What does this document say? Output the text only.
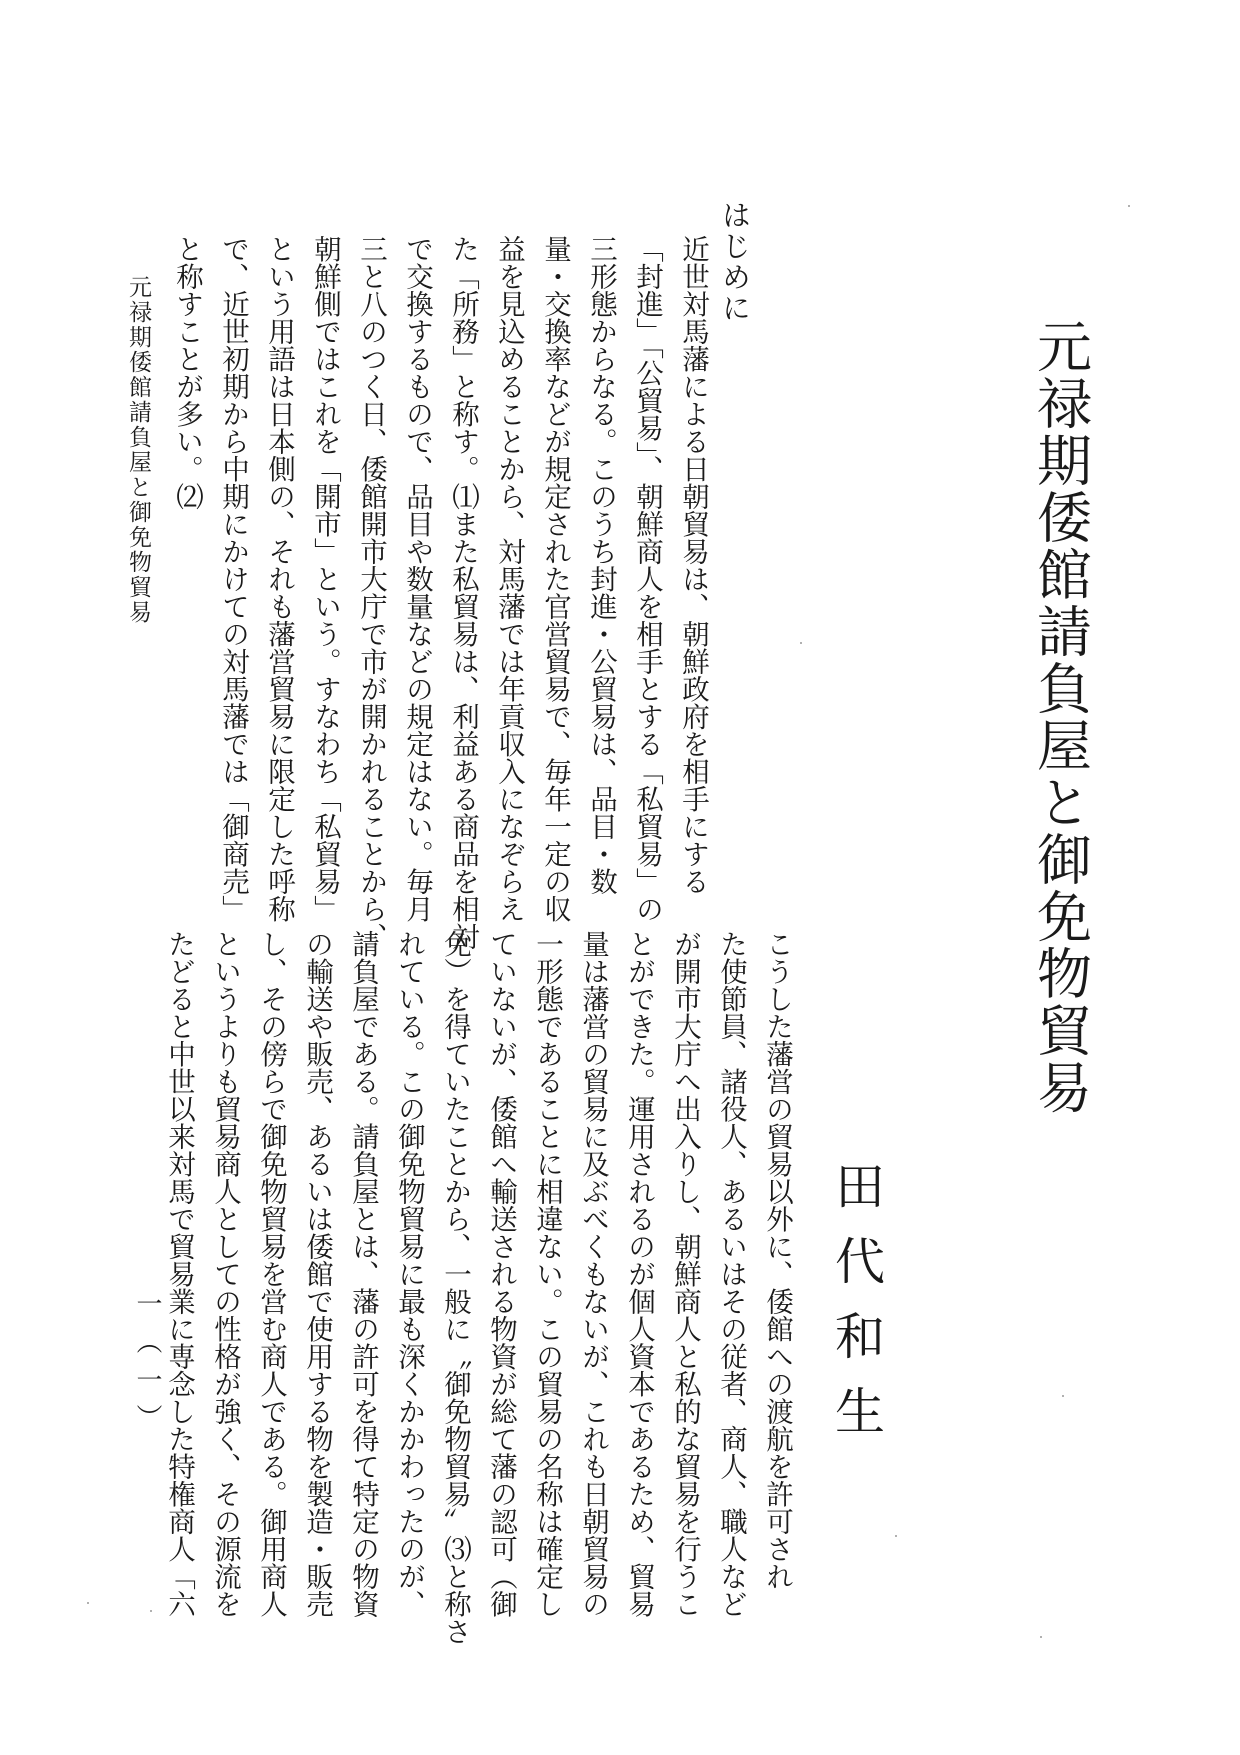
元禄期倭館請負屋と御免物貿易
田代和生
はじめに
近世対馬藩による日朝貿易は、朝鮮政府を相手にする
「封進」「公貿易」、朝鮮商人を相手とする「私貿易」の
三形態からなる。このうち封進・公貿易は、品目・数
量・交換率などが規定された官営貿易で、毎年一定の収
益を見込めることから、対馬藩では年貢収入になぞらえ
た「所務」と称す。⑴また私貿易は、利益ある商品を相対
で交換するもので、品目や数量などの規定はない。毎月
三と八のつく日、倭館開市大庁で市が開かれることから、
朝鮮側ではこれを「開市」という。すなわち「私貿易」
という用語は日本側の、それも藩営貿易に限定した呼称
で、近世初期から中期にかけての対馬藩では「御商売」
と称すことが多い。⑵
こうした藩営の貿易以外に、倭館への渡航を許可され
た使節員、諸役人、あるいはその従者、商人、職人など
が開市大庁へ出入りし、朝鮮商人と私的な貿易を行うこ
とができた。運用されるのが個人資本であるため、貿易
量は藩営の貿易に及ぶべくもないが、これも日朝貿易の
一形態であることに相違ない。この貿易の名称は確定し
ていないが、倭館へ輸送される物資が総て藩の認可（御
免）を得ていたことから、一般に〝御免物貿易〟⑶と称さ
れている。この御免物貿易に最も深くかかわったのが、
請負屋である。請負屋とは、藩の許可を得て特定の物資
の輸送や販売、あるいは倭館で使用する物を製造・販売
し、その傍らで御免物貿易を営む商人である。御用商人
というよりも貿易商人としての性格が強く、その源流を
たどると中世以来対馬で貿易業に専念した特権商人「六
元禄期倭館請負屋と御免物貿易
一（一）
